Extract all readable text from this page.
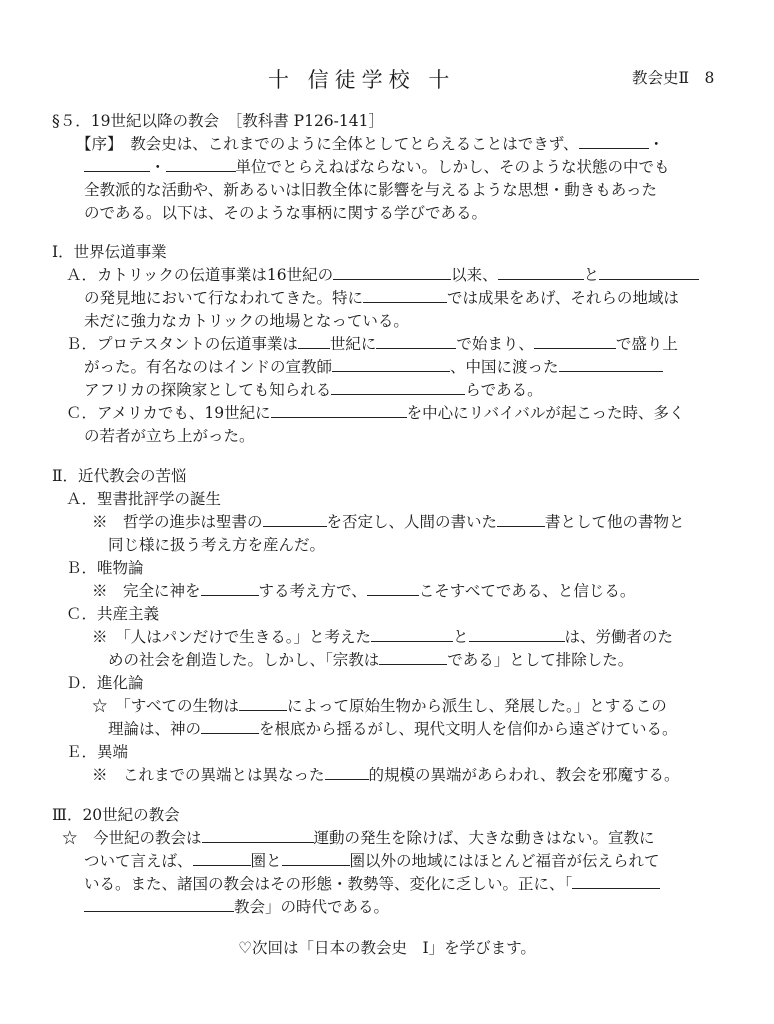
十 信徒学校 十	教会史Ⅱ　8
§５．19世紀以降の教会　［教科書 P126-141］
【序】　教会史は、これまでのように全体としてとらえることはできず、	・
・	単位でとらえねばならない。しかし、そのような状態の中でも
全教派的な活動や、新あるいは旧教全体に影響を与えるような思想・動きもあった
のである。以下は、そのような事柄に関する学びである。
Ⅰ．世界伝道事業
Ａ．カトリックの伝道事業は16世紀の	以来、	と
の発見地において行なわれてきた。特に	では成果をあげ、それらの地域は
未だに強力なカトリックの地場となっている。
Ｂ．プロテスタントの伝道事業は 世紀に	で始まり、	で盛り上
がった。有名なのはインドの宣教師	、中国に渡った
アフリカの探険家としても知られる	らである。
Ｃ．アメリカでも、19世紀に	を中心にリバイバルが起こった時、多く
の若者が立ち上がった。
Ⅱ．近代教会の苦悩
Ａ．聖書批評学の誕生
※　哲学の進歩は聖書の	を否定し、人間の書いた	書として他の書物と
同じ様に扱う考え方を産んだ。
Ｂ．唯物論
※　完全に神を	する考え方で、	こそすべてである、と信じる。
Ｃ．共産主義
※　「人はパンだけで生きる。」と考えた	と	は、労働者のた
めの社会を創造した。しかし、「宗教は	である」として排除した。
Ｄ．進化論
☆　「すべての生物は	によって原始生物から派生し、発展した。」とするこの
理論は、神の	を根底から揺るがし、現代文明人を信仰から遠ざけている。
Ｅ．異端
※　これまでの異端とは異なった	的規模の異端があらわれ、教会を邪魔する。
Ⅲ．20世紀の教会
☆　今世紀の教会は	運動の発生を除けば、大きな動きはない。宣教に
ついて言えば、	圏と	圏以外の地域にはほとんど福音が伝えられて
いる。また、諸国の教会はその形態・教勢等、変化に乏しい。正に、「
教会」の時代である。
♡次回は「日本の教会史　Ⅰ」を学びます。
